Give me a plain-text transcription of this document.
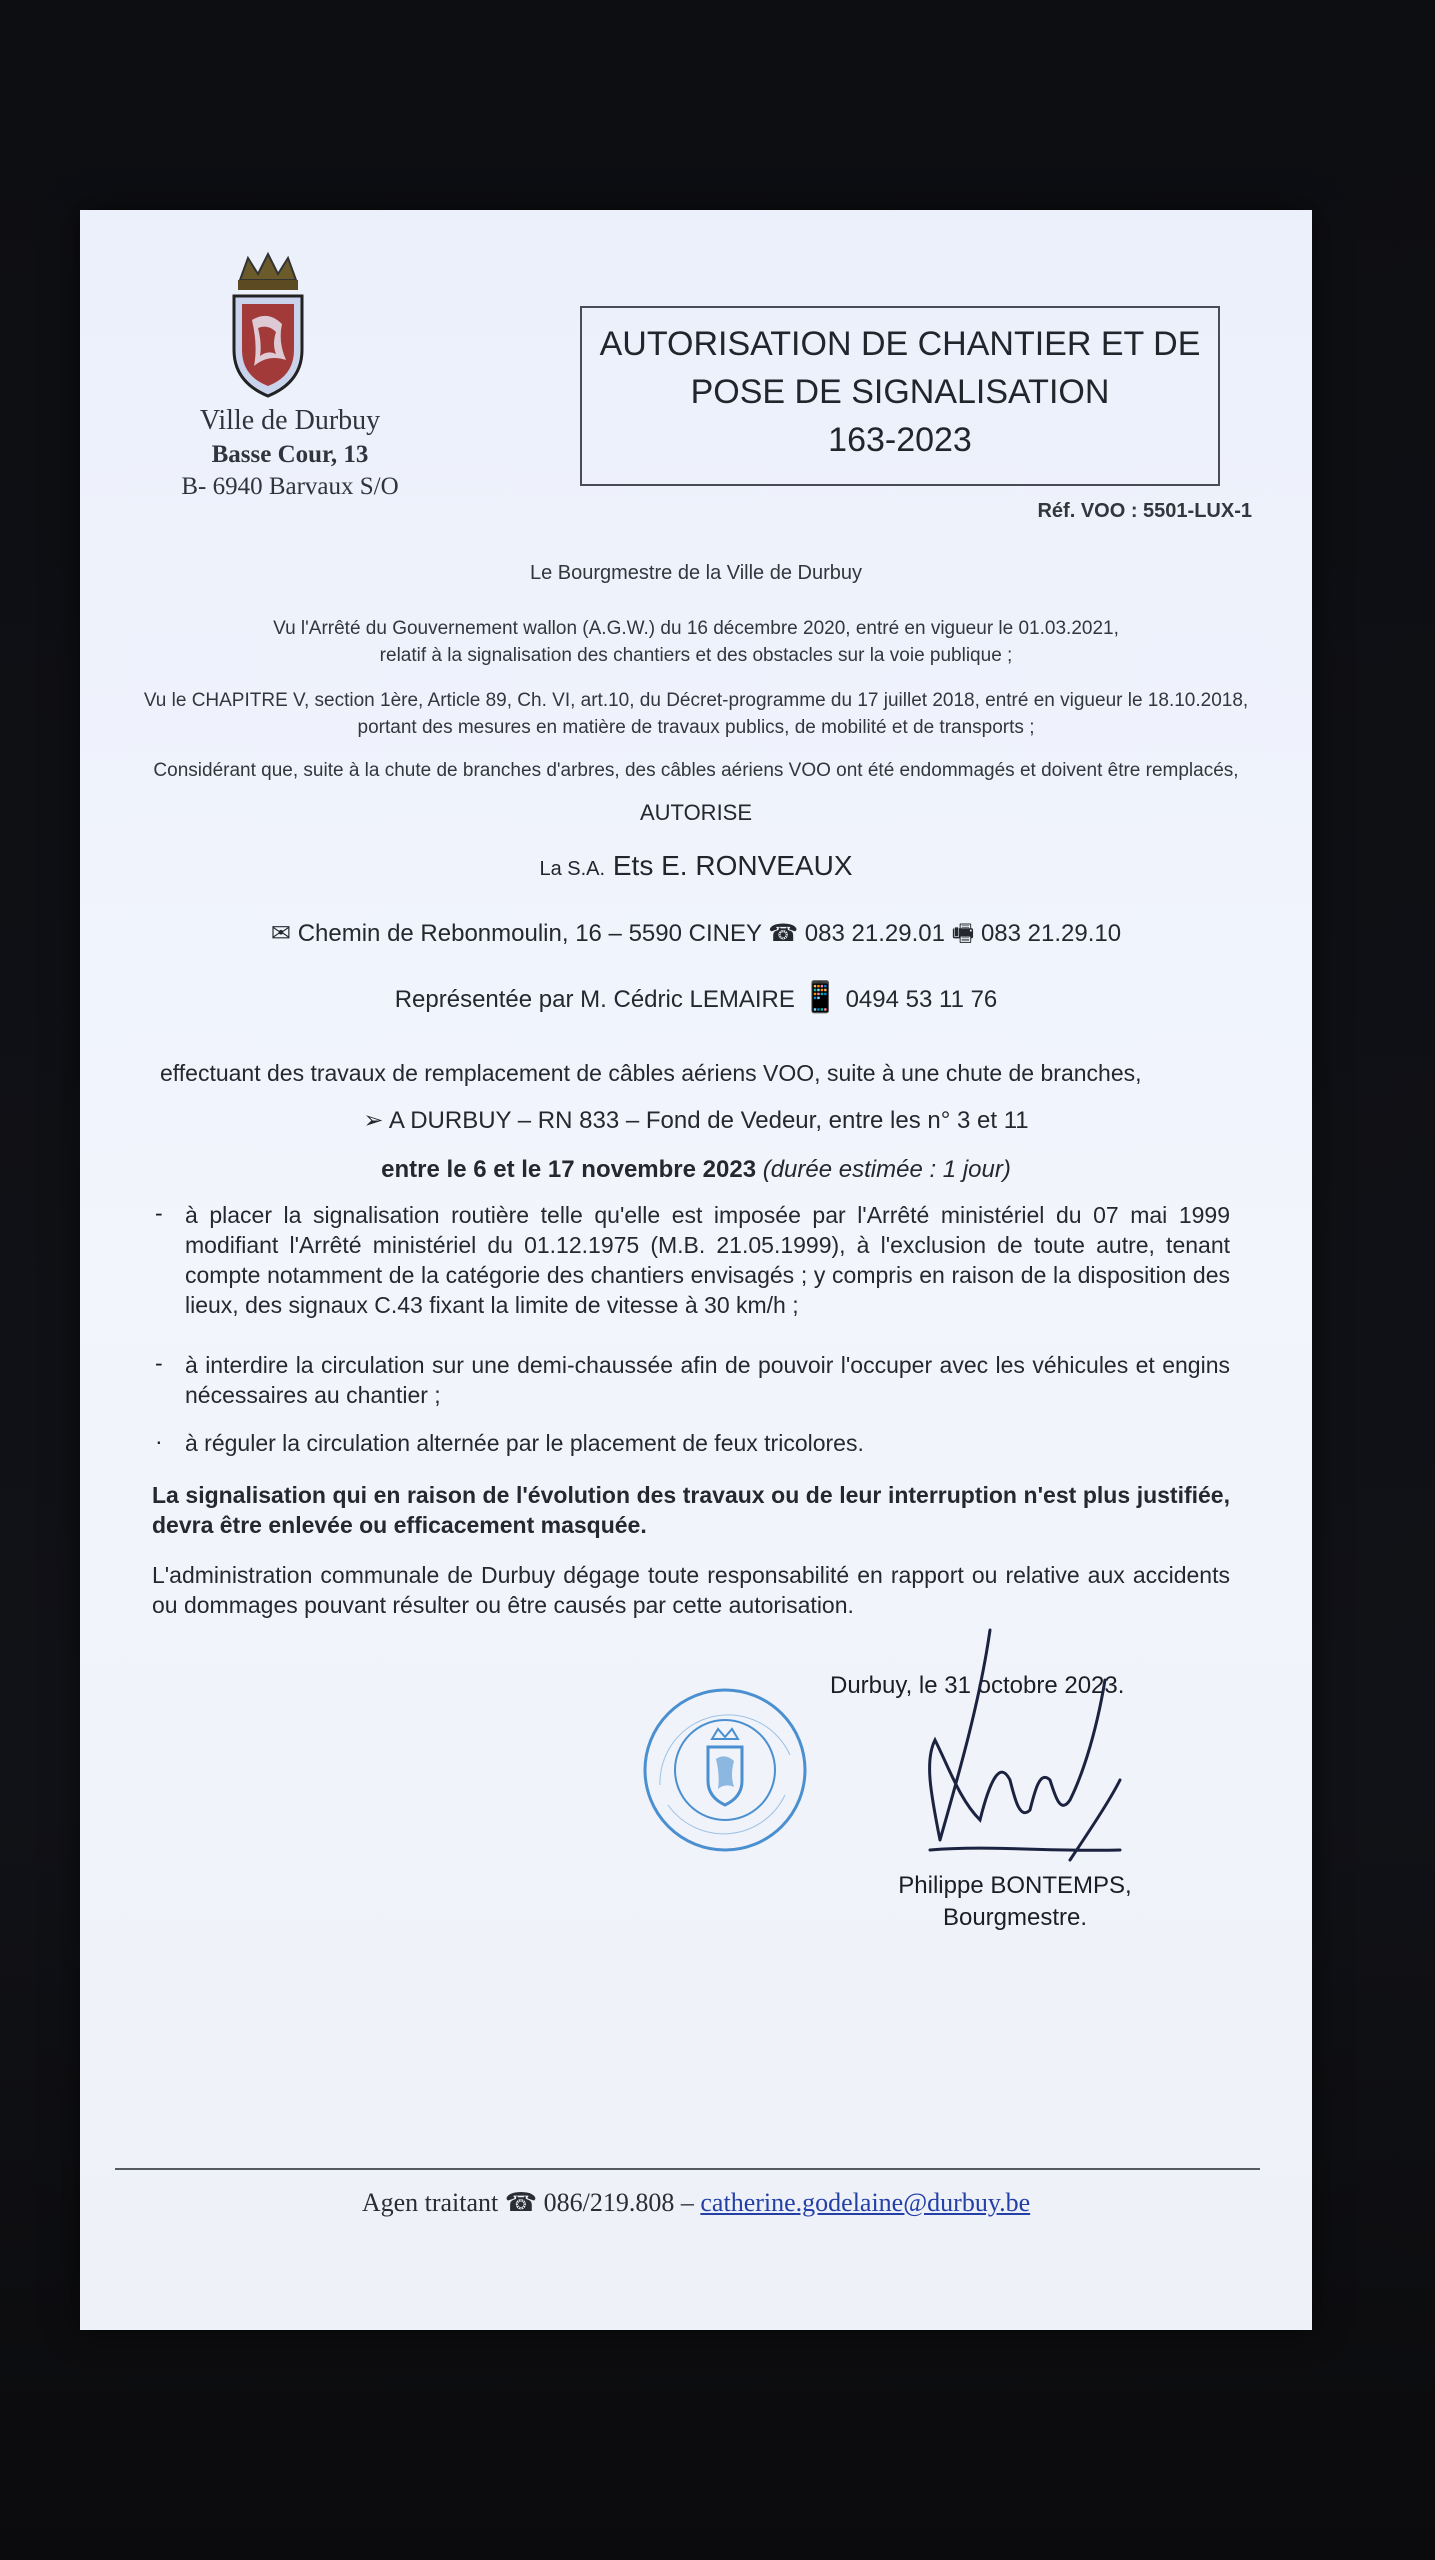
Ville de Durbuy
Basse Cour, 13
B- 6940 Barvaux S/O
AUTORISATION DE CHANTIER ET DE
POSE DE SIGNALISATION
163-2023
Réf. VOO : 5501-LUX-1
Le Bourgmestre de la Ville de Durbuy
Vu l'Arrêté du Gouvernement wallon (A.G.W.) du 16 décembre 2020, entré en vigueur le 01.03.2021,
relatif à la signalisation des chantiers et des obstacles sur la voie publique ;
Vu le CHAPITRE V, section 1ère, Article 89, Ch. VI, art.10, du Décret-programme du 17 juillet 2018, entré en vigueur le 18.10.2018,
portant des mesures en matière de travaux publics, de mobilité et de transports ;
Considérant que, suite à la chute de branches d'arbres, des câbles aériens VOO ont été endommagés et doivent être remplacés,
AUTORISE
La S.A. Ets E. RONVEAUX
✉ Chemin de Rebonmoulin, 16 – 5590 CINEY ☎ 083 21.29.01 🖷 083 21.29.10
Représentée par M. Cédric LEMAIRE 📱 0494 53 11 76
effectuant des travaux de remplacement de câbles aériens VOO, suite à une chute de branches,
➢ A DURBUY – RN 833 – Fond de Vedeur, entre les n° 3 et 11
entre le 6 et le 17 novembre 2023 (durée estimée : 1 jour)
- à placer la signalisation routière telle qu'elle est imposée par l'Arrêté ministériel du 07 mai 1999 modifiant l'Arrêté ministériel du 01.12.1975 (M.B. 21.05.1999), à l'exclusion de toute autre, tenant compte notamment de la catégorie des chantiers envisagés ; y compris en raison de la disposition des lieux, des signaux C.43 fixant la limite de vitesse à 30 km/h ;
- à interdire la circulation sur une demi-chaussée afin de pouvoir l'occuper avec les véhicules et engins nécessaires au chantier ;
· à réguler la circulation alternée par le placement de feux tricolores.
La signalisation qui en raison de l'évolution des travaux ou de leur interruption n'est plus justifiée, devra être enlevée ou efficacement masquée.
L'administration communale de Durbuy dégage toute responsabilité en rapport ou relative aux accidents ou dommages pouvant résulter ou être causés par cette autorisation.
Durbuy, le 31 octobre 2023.
Philippe BONTEMPS,
Bourgmestre.
Agen traitant ☎ 086/219.808 – catherine.godelaine@durbuy.be
